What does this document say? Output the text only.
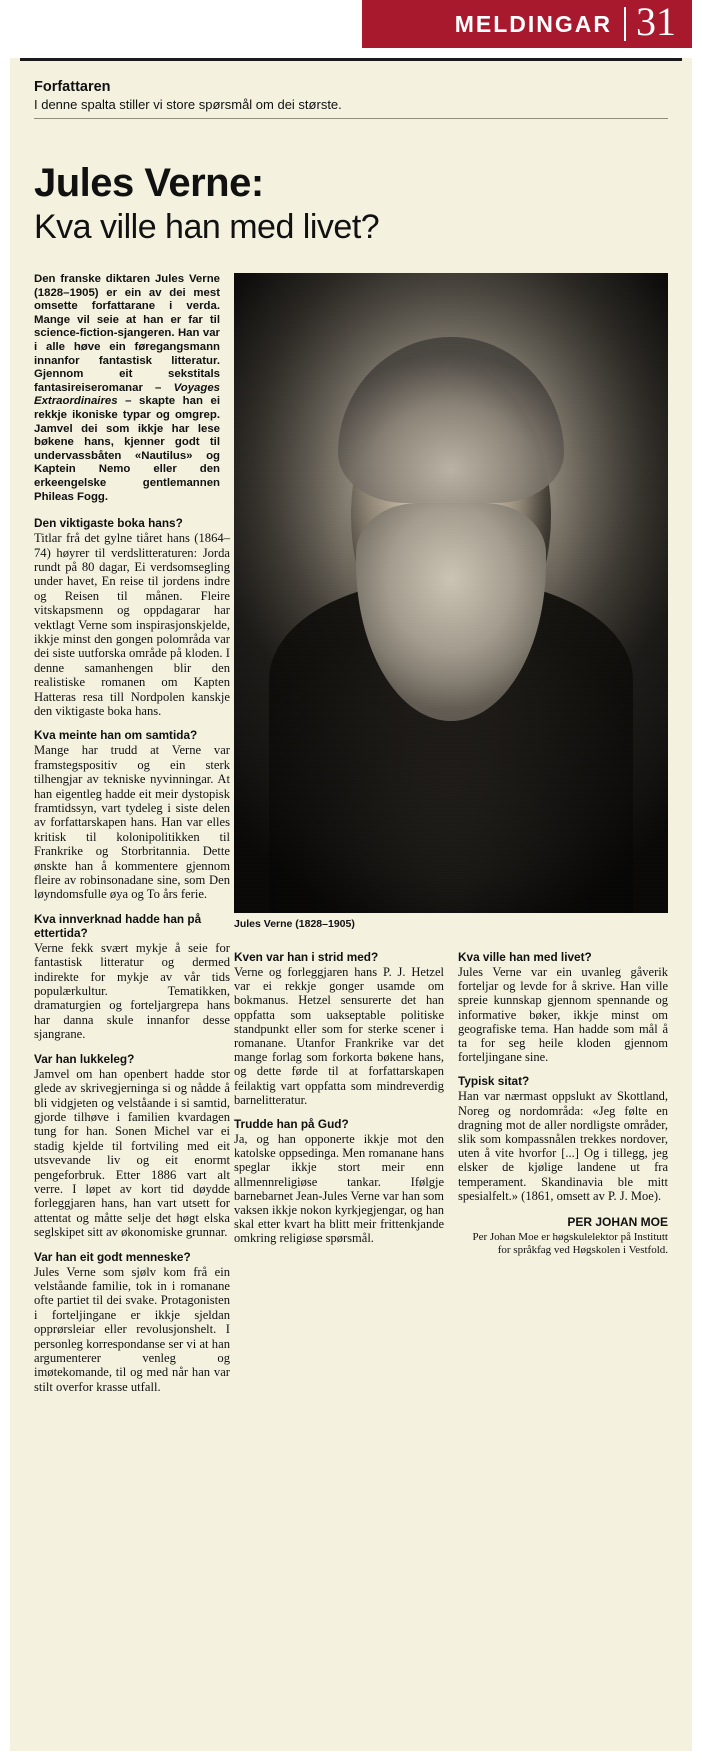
MELDINGAR 31
Forfattaren
I denne spalta stiller vi store spørsmål om dei største.
Jules Verne:
Kva ville han med livet?

Den franske diktaren Jules Verne (1828–1905) er ein av dei mest omsette forfattarane i verda. Mange vil seie at han er far til science-fiction-sjangeren. Han var i alle høve ein føregangsmann innanfor fantastisk litteratur. Gjennom eit sekstitals fantasireiseromanar – Voyages Extraordinaires – skapte han ei rekkje ikoniske typar og omgrep. Jamvel dei som ikkje har lese bøkene hans, kjenner godt til undervassbåten «Nautilus» og Kaptein Nemo eller den erkeengelske gentlemannen Phileas Fogg.

Den viktigaste boka hans?

Titlar frå det gylne tiåret hans (1864–74) høyrer til verdslitteraturen: Jorda rundt på 80 dagar, Ei verdsomsegling under havet, En reise til jordens indre og Reisen til månen. Fleire vitskapsmenn og oppdagarar har vektlagt Verne som inspirasjonskjelde, ikkje minst den gongen polområda var dei siste uutforska område på kloden. I denne samanhengen blir den realistiske romanen om Kapten Hatteras resa till Nordpolen kanskje den viktigaste boka hans.

Kva meinte han om samtida?

Mange har trudd at Verne var framstegspositiv og ein sterk tilhengjar av tekniske nyvinningar. At han eigentleg hadde eit meir dystopisk framtidssyn, vart tydeleg i siste delen av forfattarskapen hans. Han var elles kritisk til kolonipolitikken til Frankrike og Storbritannia. Dette ønskte han å kommentere gjennom fleire av robinsonadane sine, som Den løyndomsfulle øya og To års ferie.

Kva innverknad hadde han på ettertida?

Verne fekk svært mykje å seie for fantastisk litteratur og dermed indirekte for mykje av vår tids populærkultur. Tematikken, dramaturgien og forteljargrepa hans har danna skule innanfor desse sjangrane.

Var han lukkeleg?

Jamvel om han openbert hadde stor glede av skrivegjerninga si og nådde å bli vidgjeten og velståande i si samtid, gjorde tilhøve i familien kvardagen tung for han. Sonen Michel var ei stadig kjelde til fortviling med eit utsvevande liv og eit enormt pengeforbruk. Etter 1886 vart alt verre. I løpet av kort tid døydde forleggjaren hans, han vart utsett for attentat og måtte selje det høgt elska seglskipet sitt av økonomiske grunnar.

Var han eit godt menneske?

Jules Verne som sjølv kom frå ein velståande familie, tok in i romanane ofte partiet til dei svake. Protagonisten i forteljingane er ikkje sjeldan opprørsleiar eller revolusjonshelt. I personleg korrespondanse ser vi at han argumenterer venleg og imøtekomande, til og med når han var stilt overfor krasse utfall.

Jules Verne (1828–1905)
Kven var han i strid med?

Verne og forleggjaren hans P. J. Hetzel var ei rekkje gonger usamde om bokmanus. Hetzel sensurerte det han oppfatta som uakseptable politiske standpunkt eller som for sterke scener i romanane. Utanfor Frankrike var det mange forlag som forkorta bøkene hans, og dette førde til at forfattarskapen feilaktig vart oppfatta som mindreverdig barnelitteratur.

Trudde han på Gud?

Ja, og han opponerte ikkje mot den katolske oppsedinga. Men romanane hans speglar ikkje stort meir enn allmennreligiøse tankar. Ifølgje barnebarnet Jean-Jules Verne var han som vaksen ikkje nokon kyrkjegjengar, og han skal etter kvart ha blitt meir frittenkjande omkring religiøse spørsmål.

Kva ville han med livet?

Jules Verne var ein uvanleg gåverik forteljar og levde for å skrive. Han ville spreie kunnskap gjennom spennande og informative bøker, ikkje minst om geografiske tema. Han hadde som mål å ta for seg heile kloden gjennom forteljingane sine.

Typisk sitat?

Han var nærmast oppslukt av Skottland, Noreg og nordområda: «Jeg følte en dragning mot de aller nordligste områder, slik som kompassnålen trekkes nordover, uten å vite hvorfor [...] Og i tillegg, jeg elsker de kjølige landene ut fra temperament. Skandinavia ble mitt spesialfelt.» (1861, omsett av P. J. Moe).

PER JOHAN MOE

Per Johan Moe er høgskulelektor på Institutt for språkfag ved Høgskolen i Vestfold.
